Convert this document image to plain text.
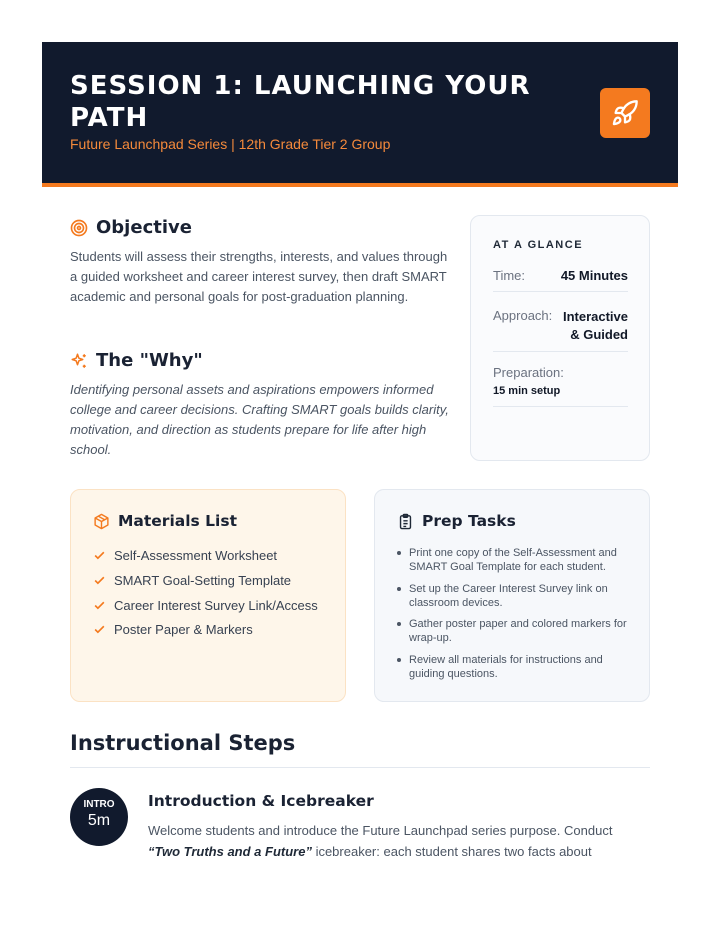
SESSION 1: LAUNCHING YOUR PATH
Future Launchpad Series | 12th Grade Tier 2 Group
Objective
Students will assess their strengths, interests, and values through a guided worksheet and career interest survey, then draft SMART academic and personal goals for post-graduation planning.
The "Why"
Identifying personal assets and aspirations empowers informed college and career decisions. Crafting SMART goals builds clarity, motivation, and direction as students prepare for life after high school.
AT A GLANCE
Time:	45 Minutes
Approach: Interactive & Guided
Preparation:
15 min setup
Materials List
Self-Assessment Worksheet
SMART Goal-Setting Template
Career Interest Survey Link/Access
Poster Paper & Markers
Prep Tasks
Print one copy of the Self-Assessment and SMART Goal Template for each student.
Set up the Career Interest Survey link on classroom devices.
Gather poster paper and colored markers for wrap-up.
Review all materials for instructions and guiding questions.
Instructional Steps
INTRO
5m
Introduction & Icebreaker
Welcome students and introduce the Future Launchpad series purpose. Conduct “Two Truths and a Future” icebreaker: each student shares two facts about
